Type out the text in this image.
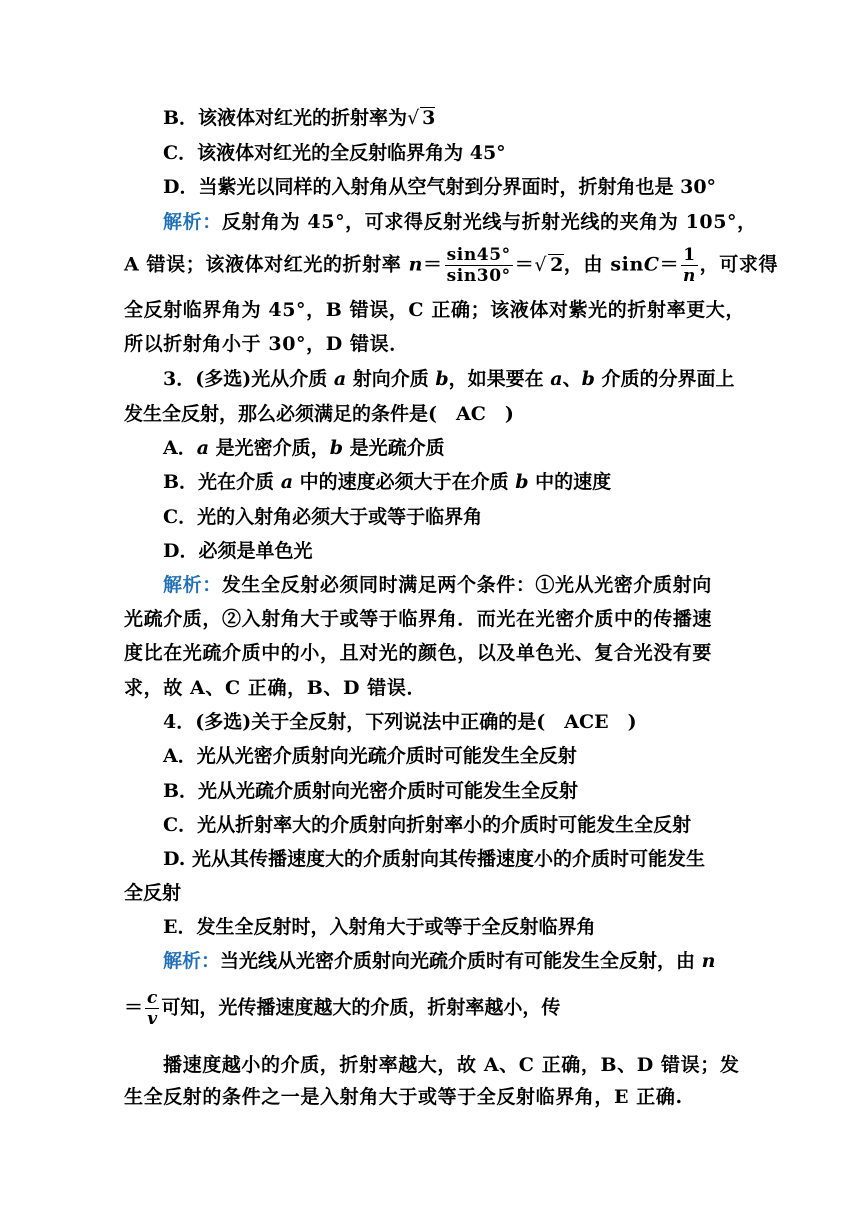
B．该液体对红光的折射率为√ 3
C．该液体对红光的全反射临界角为 45°
D．当紫光以同样的入射角从空气射到分界面时，折射角也是 30°
解析：反射角为 45°，可求得反射光线与折射光线的夹角为 105°，
A 错误；该液体对红光的折射率 $n= \frac{\sin 45^\circ}{\sin 30^\circ}$ ＝√ 2，由 $\sin C= \frac{1}{n}$ ，可求得
全反射临界角为 45°，B 错误，C 正确；该液体对紫光的折射率更大，
所以折射角小于 30°，D 错误．
3．(多选)光从介质 a 射向介质 b，如果要在 a、b 介质的分界面上
发生全反射，那么必须满足的条件是(　AC　)
A．a 是光密介质，b 是光疏介质
B．光在介质 a 中的速度必须大于在介质 b 中的速度
C．光的入射角必须大于或等于临界角
D．必须是单色光
解析：发生全反射必须同时满足两个条件：①光从光密介质射向
光疏介质，②入射角大于或等于临界角．而光在光密介质中的传播速
度比在光疏介质中的小，且对光的颜色，以及单色光、复合光没有要
求，故 A、C 正确，B、D 错误．
4．(多选)关于全反射，下列说法中正确的是(　ACE　)
A．光从光密介质射向光疏介质时可能发生全反射
B．光从光疏介质射向光密介质时可能发生全反射
C．光从折射率大的介质射向折射率小的介质时可能发生全反射
D. 光从其传播速度大的介质射向其传播速度小的介质时可能发生
全反射
E．发生全反射时，入射角大于或等于全反射临界角
解析：当光线从光密介质射向光疏介质时有可能发生全反射，由 n
＝ $\frac{c}{v}$ 可知，光传播速度越大的介质，折射率越小，传
播速度越小的介质，折射率越大，故 A、C 正确，B、D 错误；发
生全反射的条件之一是入射角大于或等于全反射临界角，E 正确.
